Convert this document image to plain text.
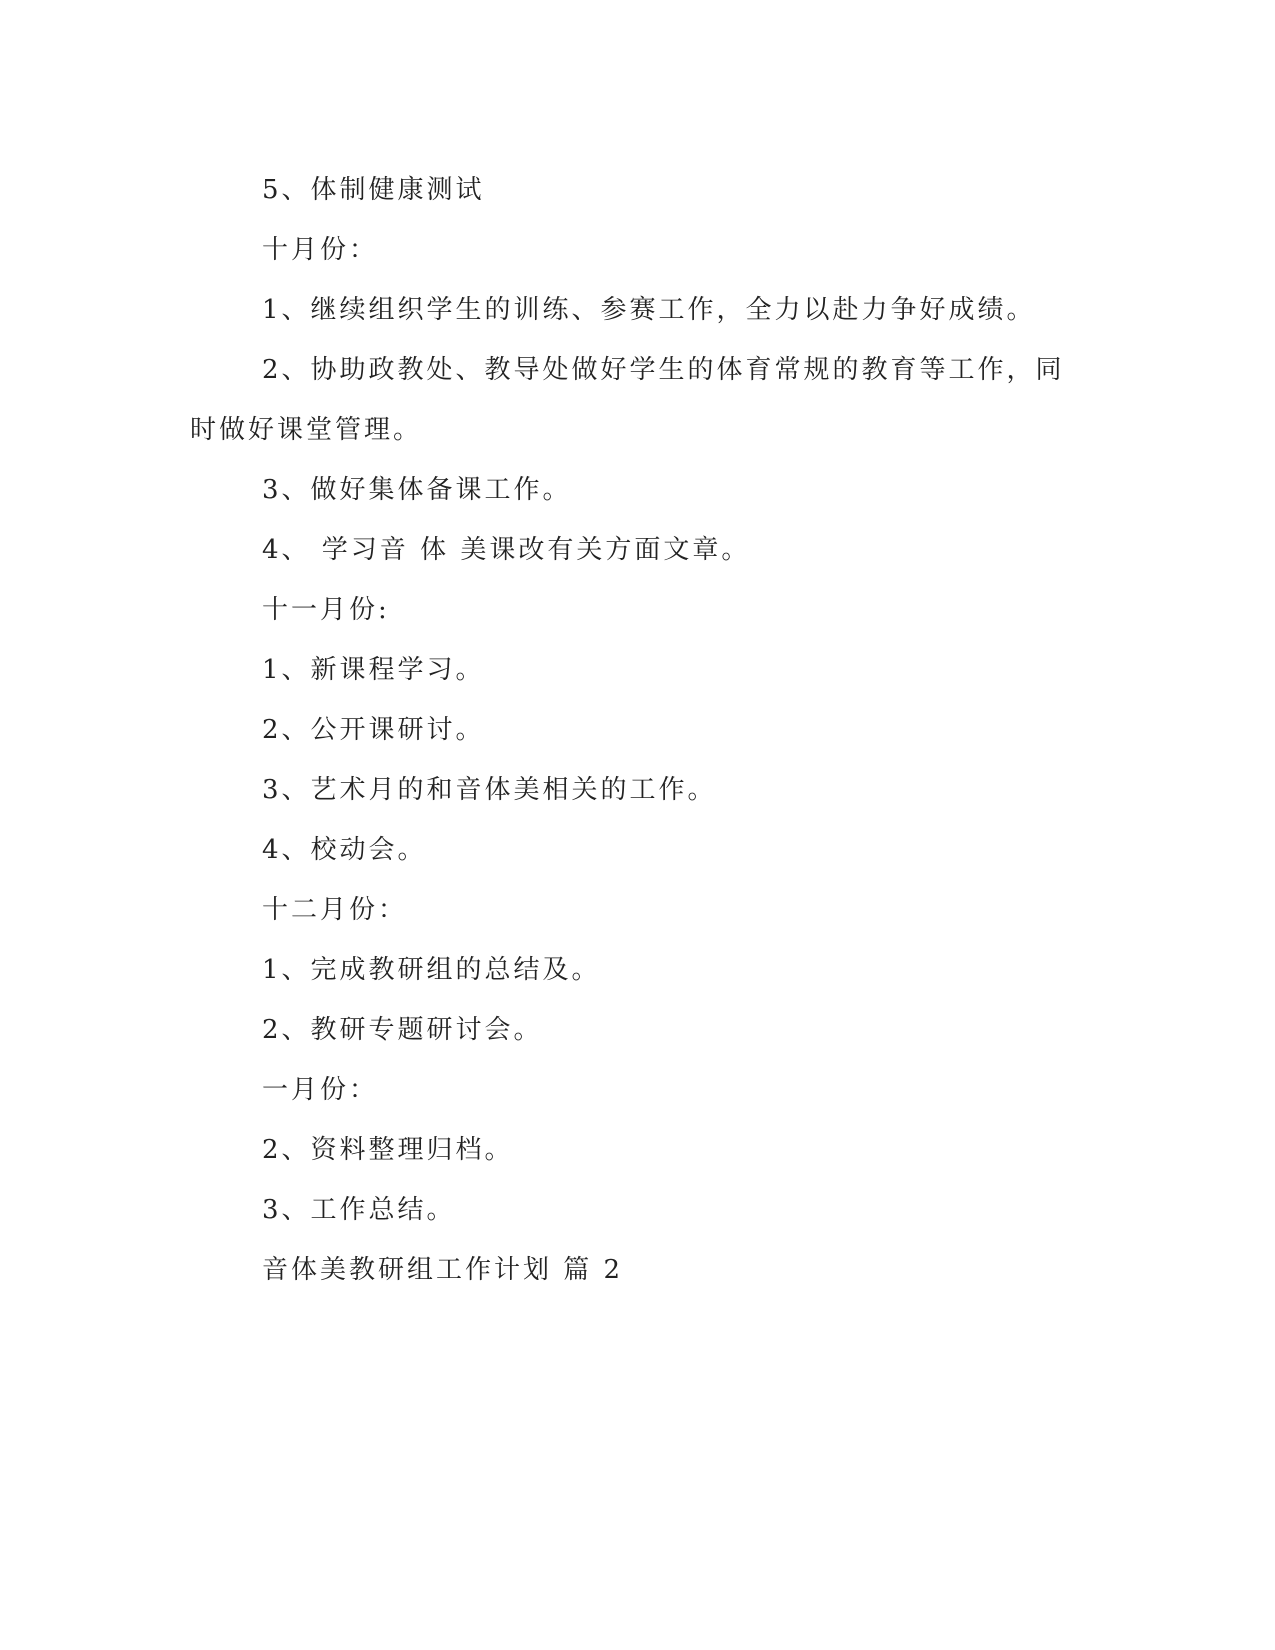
5、体制健康测试
十月份：
1、继续组织学生的训练、参赛工作，全力以赴力争好成绩。
2、协助政教处、教导处做好学生的体育常规的教育等工作，同
时做好课堂管理。
3、做好集体备课工作。
4、 学习音 体 美课改有关方面文章。
十一月份:
1、新课程学习。
2、公开课研讨。
3、艺术月的和音体美相关的工作。
4、校动会。
十二月份：
1、完成教研组的总结及。
2、教研专题研讨会。
一月份：
2、资料整理归档。
3、工作总结。
音体美教研组工作计划 篇 2
